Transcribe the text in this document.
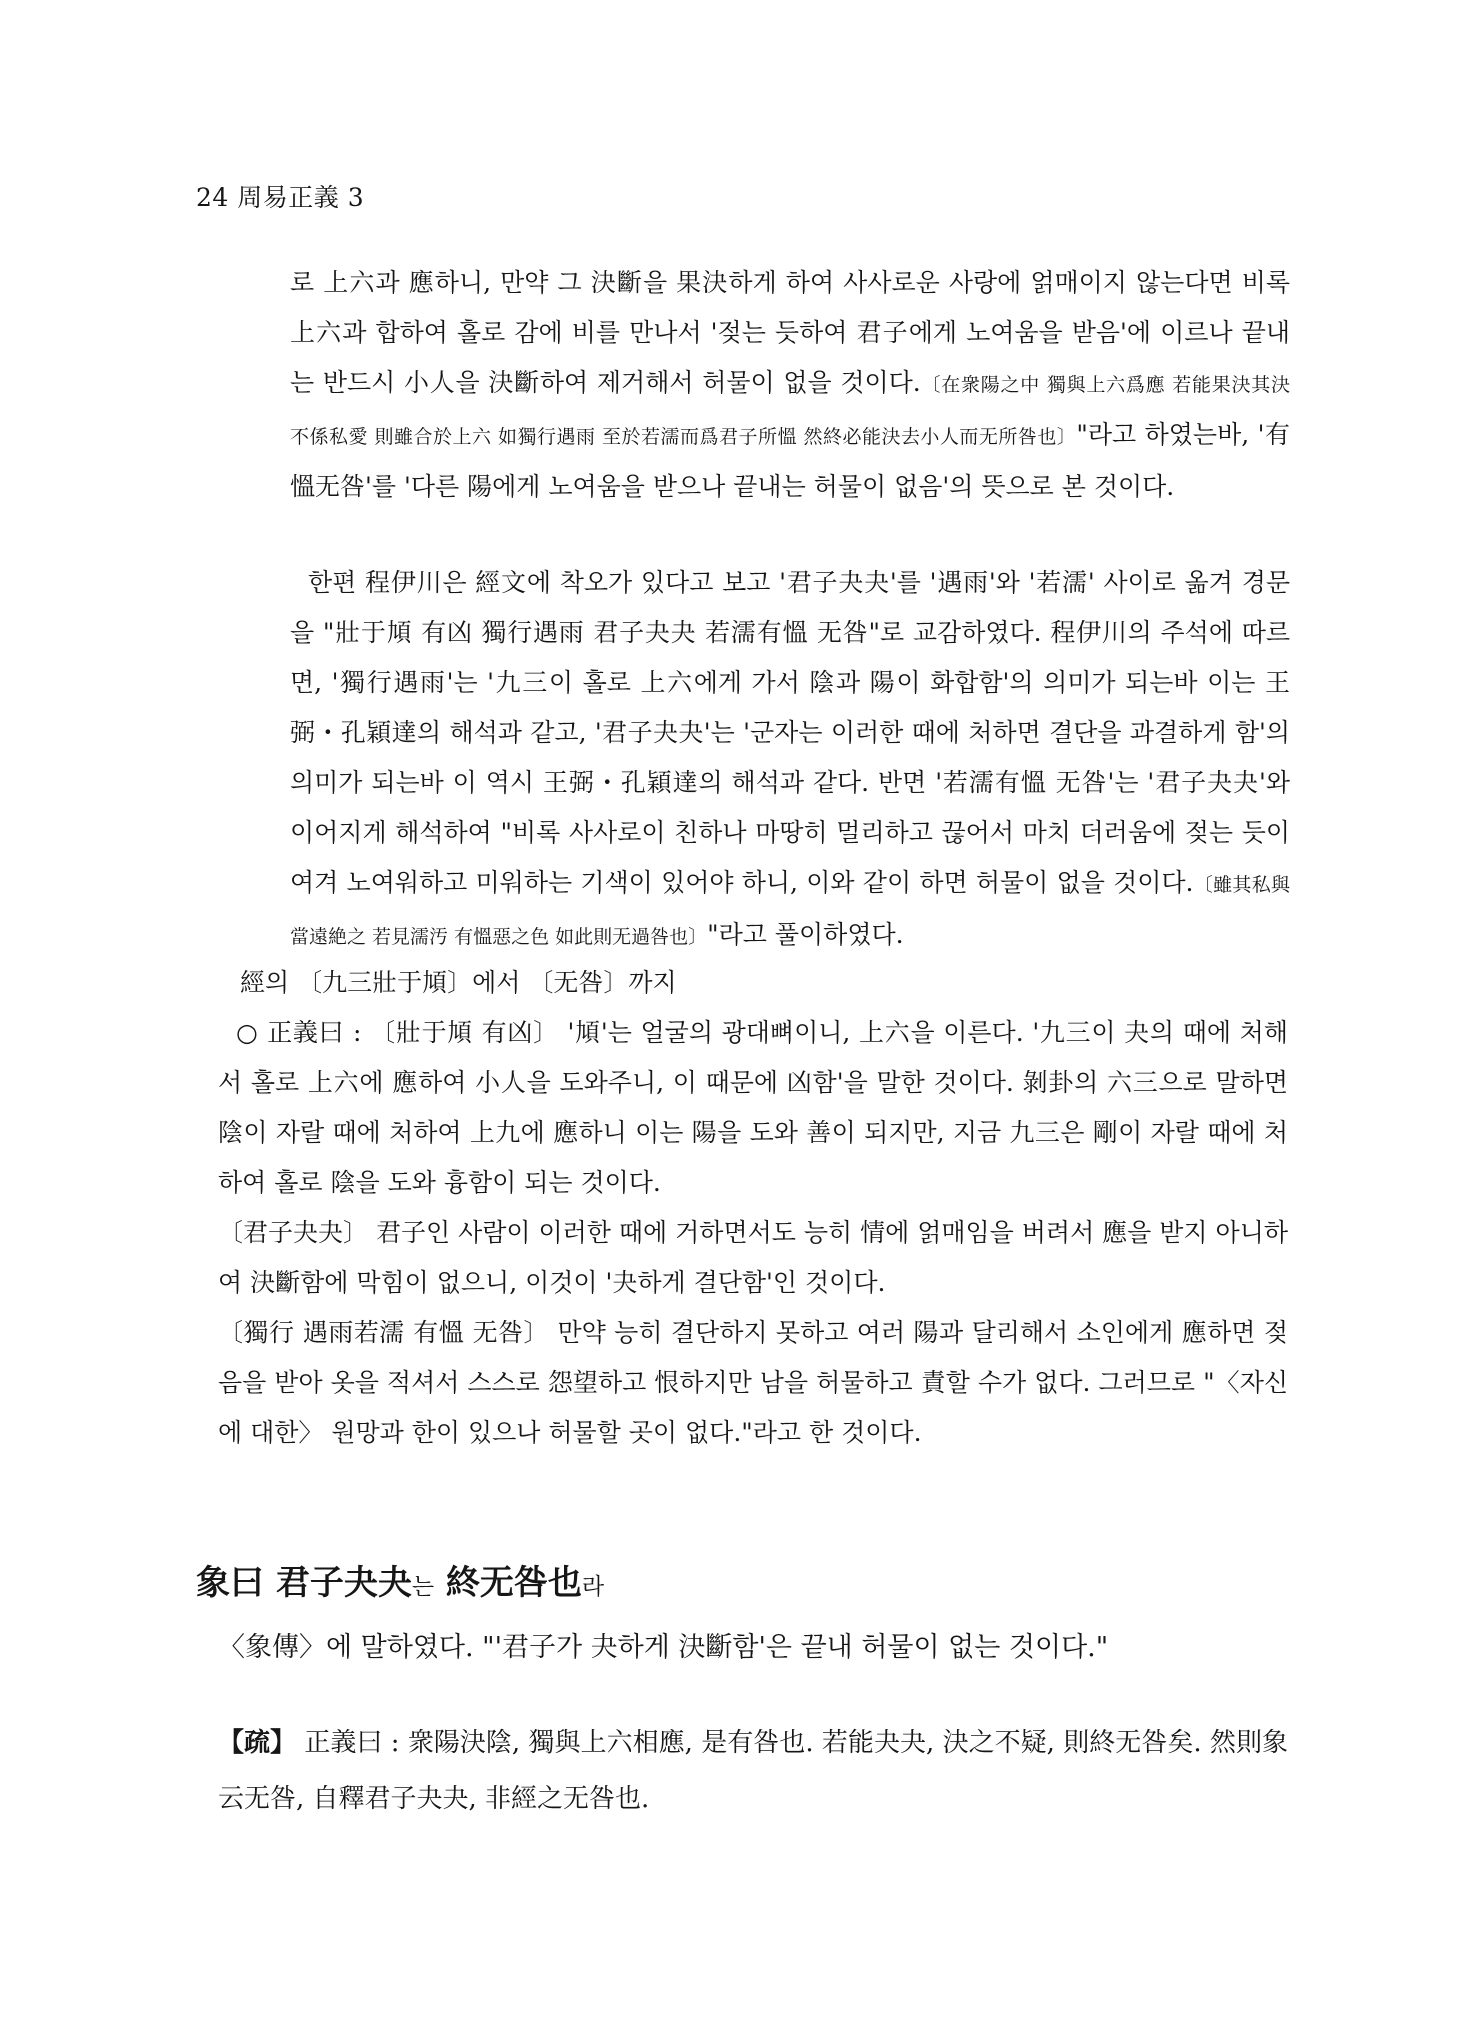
24 周易正義 3

로 上六과 應하니, 만약 그 決斷을 果決하게 하여 사사로운 사랑에 얽매이지 않는다면 비록 上六과 합하여 홀로 감에 비를 만나서 '젖는 듯하여 君子에게 노여움을 받음'에 이르나 끝내는 반드시 小人을 決斷하여 제거해서 허물이 없을 것이다.〔在衆陽之中 獨與上六爲應 若能果決其決 不係私愛 則雖合於上六 如獨行遇雨 至於若濡而爲君子所慍 然終必能決去小人而无所咎也〕"라고 하였는바, '有慍无咎'를 '다른 陽에게 노여움을 받으나 끝내는 허물이 없음'의 뜻으로 본 것이다.

한편 程伊川은 經文에 착오가 있다고 보고 '君子夬夬'를 '遇雨'와 '若濡' 사이로 옮겨 경문을 "壯于頄 有凶 獨行遇雨 君子夬夬 若濡有慍 无咎"로 교감하였다. 程伊川의 주석에 따르면, '獨行遇雨'는 '九三이 홀로 上六에게 가서 陰과 陽이 화합함'의 의미가 되는바 이는 王弼・孔穎達의 해석과 같고, '君子夬夬'는 '군자는 이러한 때에 처하면 결단을 과결하게 함'의 의미가 되는바 이 역시 王弼・孔穎達의 해석과 같다. 반면 '若濡有慍 无咎'는 '君子夬夬'와 이어지게 해석하여 "비록 사사로이 친하나 마땅히 멀리하고 끊어서 마치 더러움에 젖는 듯이 여겨 노여워하고 미워하는 기색이 있어야 하니, 이와 같이 하면 허물이 없을 것이다.〔雖其私與 當遠絶之 若見濡汚 有慍惡之色 如此則无過咎也〕"라고 풀이하였다.

經의 〔九三壯于頄〕에서 〔无咎〕까지

○ 正義曰 : 〔壯于頄 有凶〕 '頄'는 얼굴의 광대뼈이니, 上六을 이른다. '九三이 夬의 때에 처해서 홀로 上六에 應하여 小人을 도와주니, 이 때문에 凶함'을 말한 것이다. 剝卦의 六三으로 말하면 陰이 자랄 때에 처하여 上九에 應하니 이는 陽을 도와 善이 되지만, 지금 九三은 剛이 자랄 때에 처하여 홀로 陰을 도와 흉함이 되는 것이다.

〔君子夬夬〕 君子인 사람이 이러한 때에 거하면서도 능히 情에 얽매임을 버려서 應을 받지 아니하여 決斷함에 막힘이 없으니, 이것이 '夬하게 결단함'인 것이다.

〔獨行 遇雨若濡 有慍 无咎〕 만약 능히 결단하지 못하고 여러 陽과 달리해서 소인에게 應하면 젖음을 받아 옷을 적셔서 스스로 怨望하고 恨하지만 남을 허물하고 責할 수가 없다. 그러므로 "〈자신에 대한〉 원망과 한이 있으나 허물할 곳이 없다."라고 한 것이다.

象曰 君子夬夬는 終无咎也라
〈象傳〉에 말하였다. "'君子가 夬하게 決斷함'은 끝내 허물이 없는 것이다."

【疏】 正義曰 : 衆陽決陰, 獨與上六相應, 是有咎也. 若能夬夬, 決之不疑, 則終无咎矣. 然則象云无咎, 自釋君子夬夬, 非經之无咎也.
